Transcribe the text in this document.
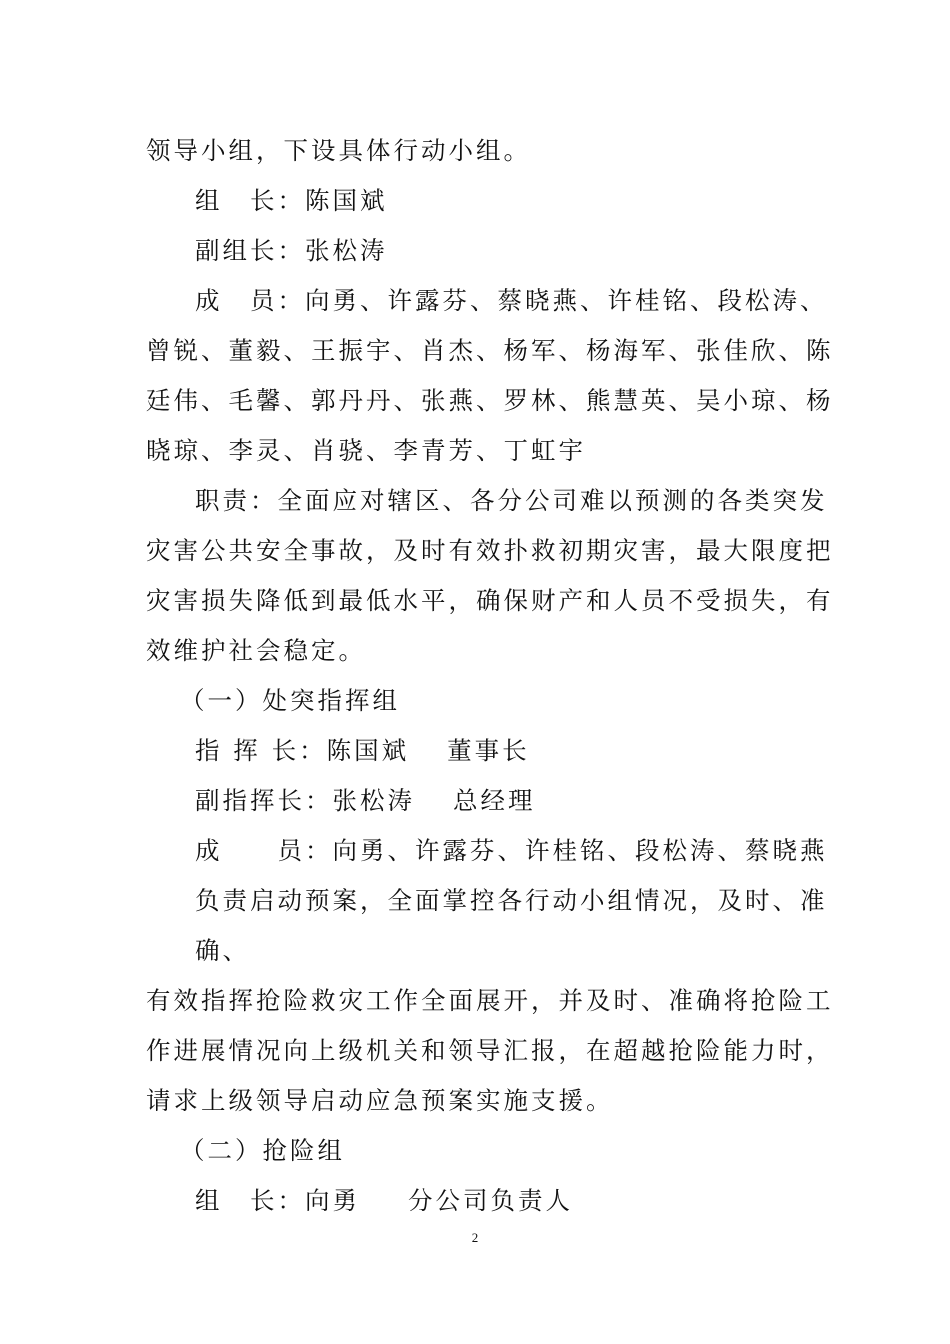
领导小组，下设具体行动小组。
组　长：陈国斌
副组长：张松涛
成　员：向勇、许露芬、蔡晓燕、许桂铭、段松涛、
曾锐、董毅、王振宇、肖杰、杨军、杨海军、张佳欣、陈
廷伟、毛馨、郭丹丹、张燕、罗林、熊慧英、吴小琼、杨
晓琼、李灵、肖骁、李青芳、丁虹宇
职责：全面应对辖区、各分公司难以预测的各类突发
灾害公共安全事故，及时有效扑救初期灾害，最大限度把
灾害损失降低到最低水平，确保财产和人员不受损失，有
效维护社会稳定。
（一）处突指挥组
指 挥 长：陈国斌 董事长
副指挥长：张松涛 总经理
成　　员：向勇、许露芬、许桂铭、段松涛、蔡晓燕
负责启动预案，全面掌控各行动小组情况，及时、准
确、
有效指挥抢险救灾工作全面展开，并及时、准确将抢险工
作进展情况向上级机关和领导汇报，在超越抢险能力时，
请求上级领导启动应急预案实施支援。
（二）抢险组
组　长：向勇 分公司负责人
2
